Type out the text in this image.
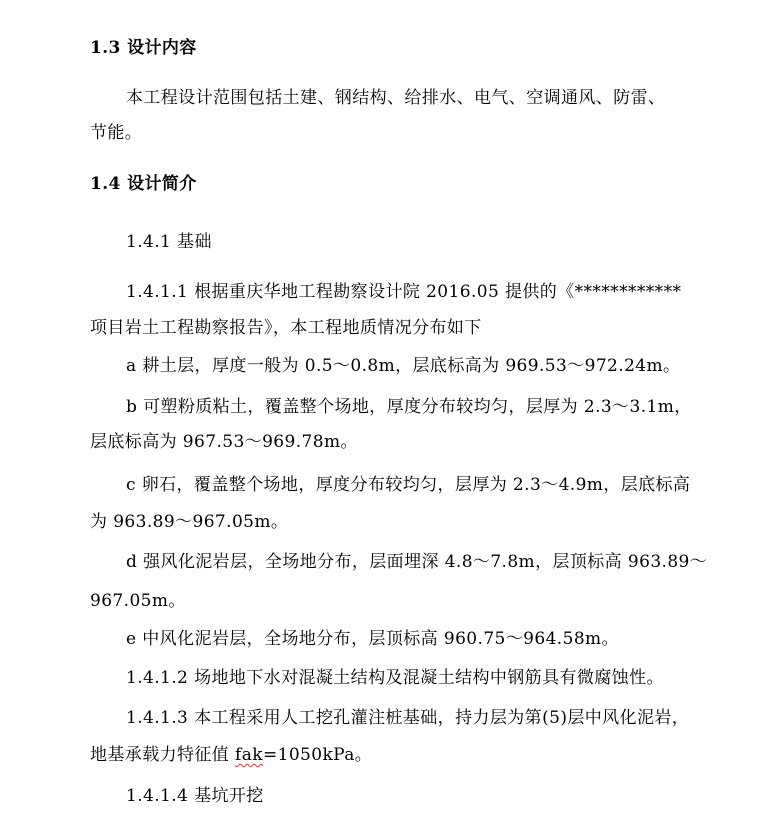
1.3 设计内容
本工程设计范围包括土建、钢结构、给排水、电气、空调通风、防雷、
节能。
1.4 设计简介
1.4.1 基础
1.4.1.1 根据重庆华地工程勘察设计院 2016.05 提供的《************
项目岩土工程勘察报告》，本工程地质情况分布如下
a 耕土层，厚度一般为 0.5～0.8m，层底标高为 969.53～972.24m。
b 可塑粉质粘土，覆盖整个场地，厚度分布较均匀，层厚为 2.3～3.1m，
层底标高为 967.53～969.78m。
c 卵石，覆盖整个场地，厚度分布较均匀，层厚为 2.3～4.9m，层底标高
为 963.89～967.05m。
d 强风化泥岩层，全场地分布，层面埋深 4.8～7.8m，层顶标高 963.89～
967.05m。
e 中风化泥岩层，全场地分布，层顶标高 960.75～964.58m。
1.4.1.2 场地地下水对混凝土结构及混凝土结构中钢筋具有微腐蚀性。
1.4.1.3 本工程采用人工挖孔灌注桩基础，持力层为第(5)层中风化泥岩，
地基承载力特征值 fak=1050kPa。
1.4.1.4 基坑开挖
